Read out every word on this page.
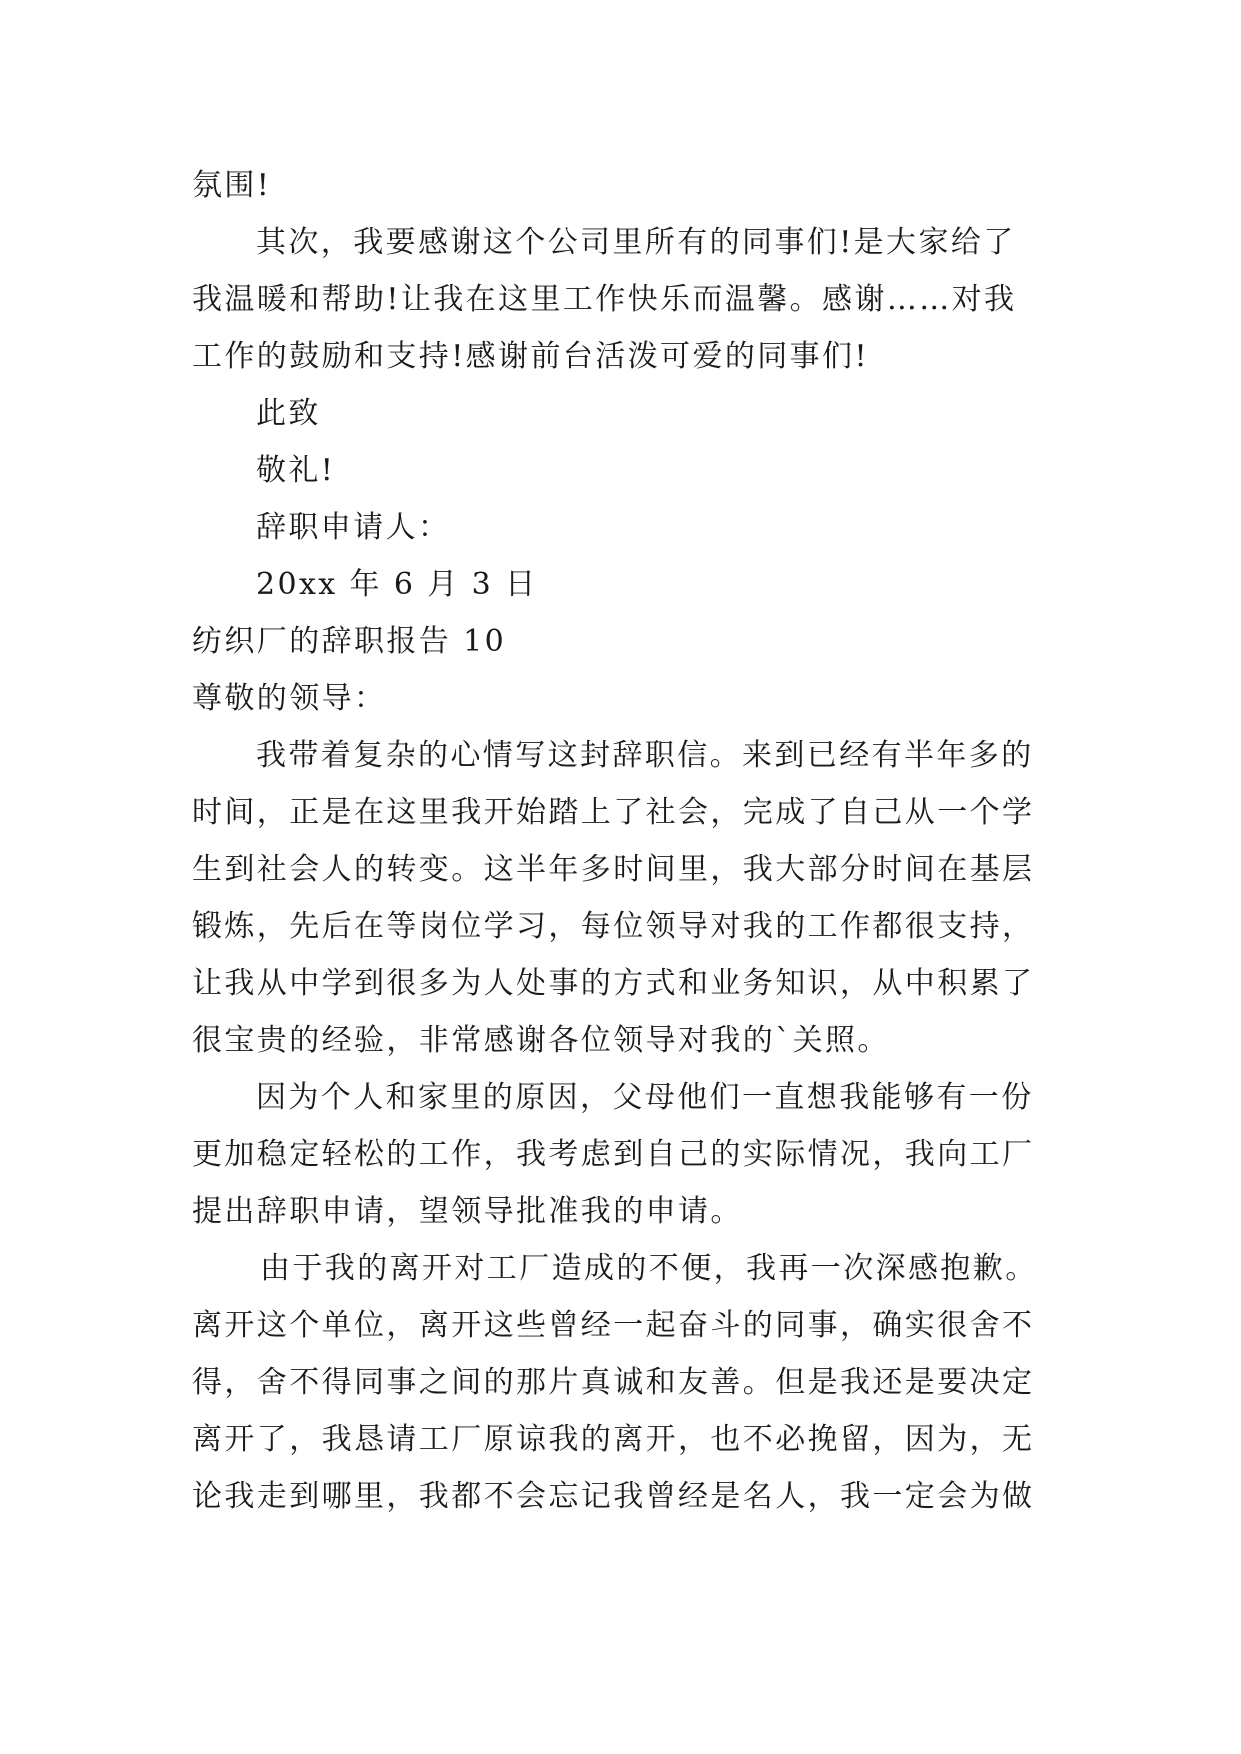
氛围!
其次，我要感谢这个公司里所有的同事们!是大家给了
我温暖和帮助!让我在这里工作快乐而温馨。感谢……对我
工作的鼓励和支持!感谢前台活泼可爱的同事们!
此致
敬礼!
辞职申请人：
20xx 年 6 月 3 日
纺织厂的辞职报告 10
尊敬的领导：
我带着复杂的心情写这封辞职信。来到已经有半年多的
时间，正是在这里我开始踏上了社会，完成了自己从一个学
生到社会人的转变。这半年多时间里，我大部分时间在基层
锻炼，先后在等岗位学习，每位领导对我的工作都很支持，
让我从中学到很多为人处事的方式和业务知识，从中积累了
很宝贵的经验，非常感谢各位领导对我的`关照。
因为个人和家里的原因，父母他们一直想我能够有一份
更加稳定轻松的工作，我考虑到自己的实际情况，我向工厂
提出辞职申请，望领导批准我的申请。
由于我的离开对工厂造成的不便，我再一次深感抱歉。
离开这个单位，离开这些曾经一起奋斗的同事，确实很舍不
得，舍不得同事之间的那片真诚和友善。但是我还是要决定
离开了，我恳请工厂原谅我的离开，也不必挽留，因为，无
论我走到哪里，我都不会忘记我曾经是名人，我一定会为做
